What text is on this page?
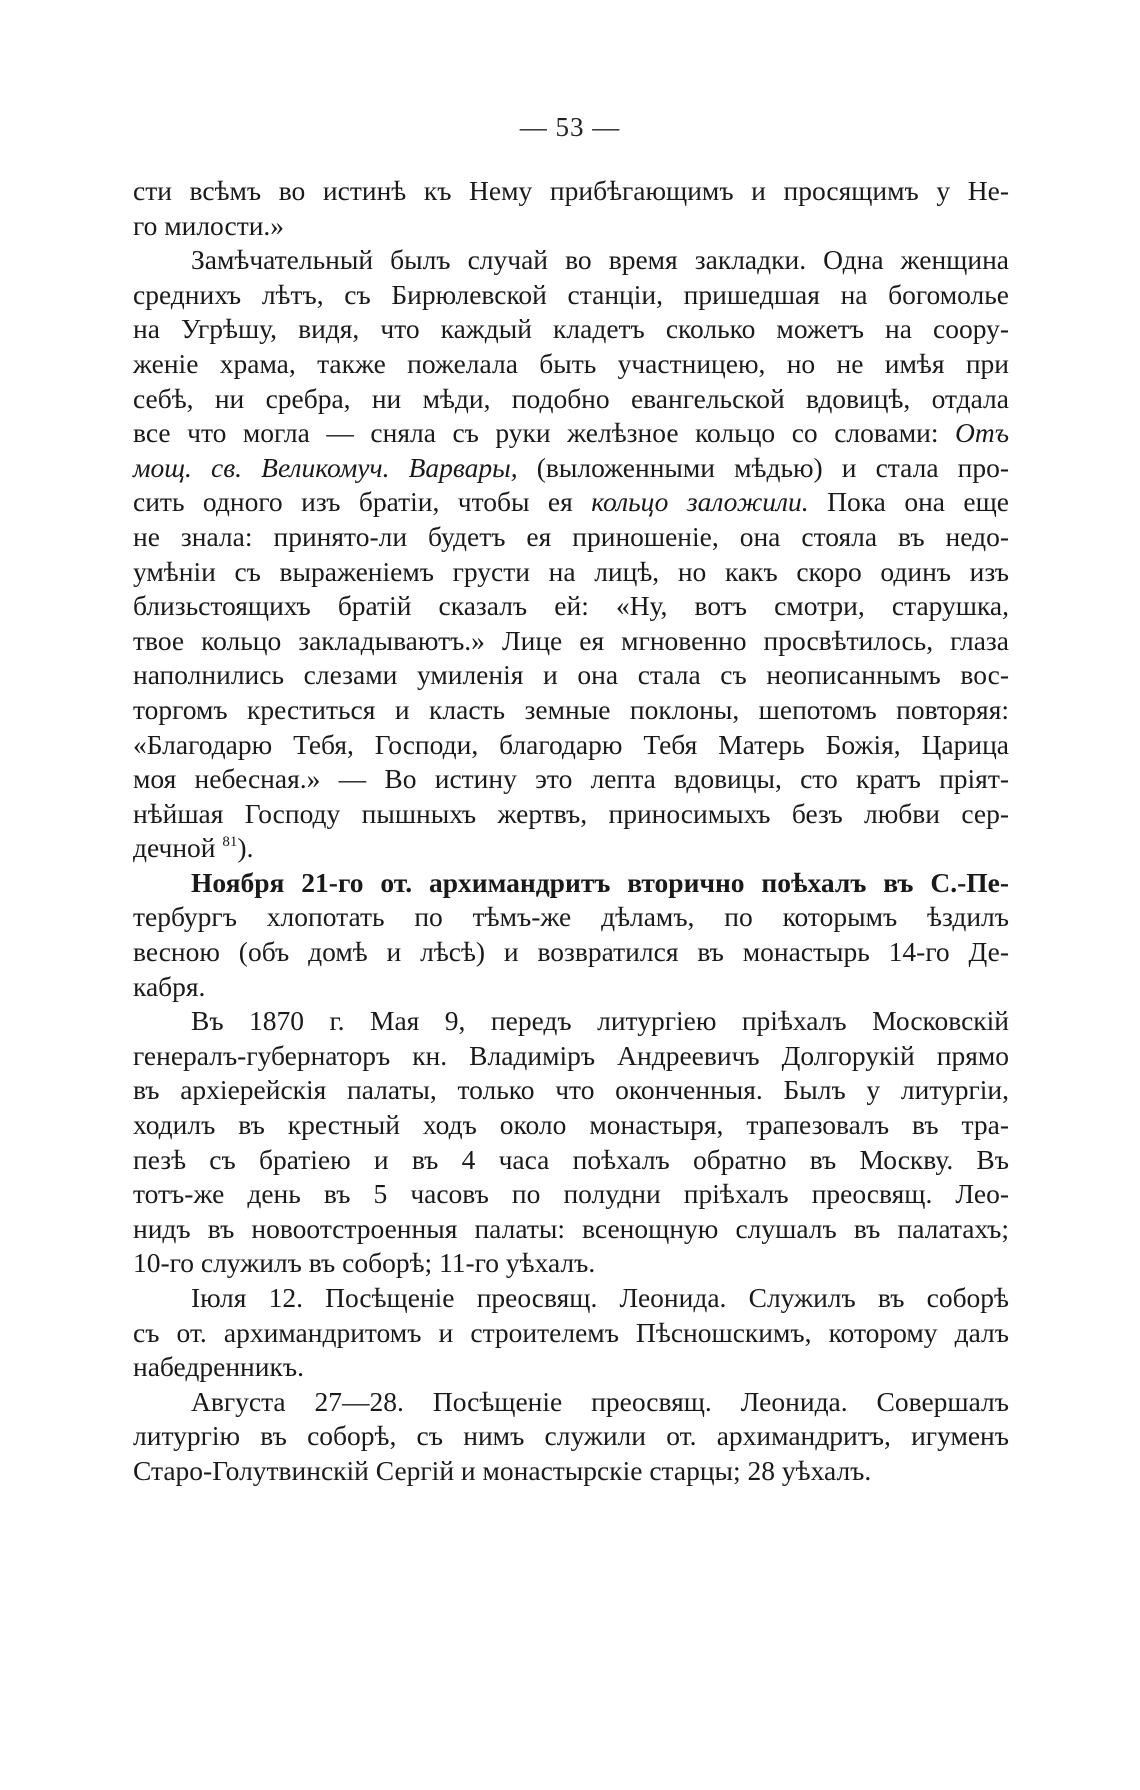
— 53 —
сти всѣмъ во истинѣ къ Нему прибѣгающимъ и просящимъ у Не-
го милости.»
Замѣчательный былъ случай во время закладки. Одна женщина
среднихъ лѣтъ, съ Бирюлевской станціи, пришедшая на богомолье
на Угрѣшу, видя, что каждый кладетъ сколько можетъ на соору-
женіе храма, также пожелала быть участницею, но не имѣя при
себѣ, ни сребра, ни мѣди, подобно евангельской вдовицѣ, отдала
все что могла — сняла съ руки желѣзное кольцо со словами: Отъ
мощ. св. Великомуч. Варвары, (выложенными мѣдью) и стала про-
сить одного изъ братіи, чтобы ея кольцо заложили. Пока она еще
не знала: принято-ли будетъ ея приношеніе, она стояла въ недо-
умѣніи съ выраженіемъ грусти на лицѣ, но какъ скоро одинъ изъ
близьстоящихъ братій сказалъ ей: «Ну, вотъ смотри, старушка,
твое кольцо закладываютъ.» Лице ея мгновенно просвѣтилось, глаза
наполнились слезами умиленія и она стала съ неописаннымъ вос-
торгомъ креститься и класть земные поклоны, шепотомъ повторяя:
«Благодарю Тебя, Господи, благодарю Тебя Матерь Божія, Царица
моя небесная.» — Во истину это лепта вдовицы, сто кратъ пріят-
нѣйшая Господу пышныхъ жертвъ, приносимыхъ безъ любви сер-
дечной $^{81}$).
Ноября 21-го от. архимандритъ вторично поѣхалъ въ С.-Пе-
тербургъ хлопотать по тѣмъ-же дѣламъ, по которымъ ѣздилъ
весною (объ домѣ и лѣсѣ) и возвратился въ монастырь 14-го Де-
кабря.
Въ 1870 г. Мая 9, передъ литургіею пріѣхалъ Московскій
генералъ-губернаторъ кн. Владиміръ Андреевичъ Долгорукій прямо
въ архіерейскія палаты, только что оконченныя. Былъ у литургіи,
ходилъ въ крестный ходъ около монастыря, трапезовалъ въ тра-
пезѣ съ братіею и въ 4 часа поѣхалъ обратно въ Москву. Въ
тотъ-же день въ 5 часовъ по полудни пріѣхалъ преосвящ. Лео-
нидъ въ новоотстроенныя палаты: всенощную слушалъ въ палатахъ;
10-го служилъ въ соборѣ; 11-го уѣхалъ.
Іюля 12. Посѣщеніе преосвящ. Леонида. Служилъ въ соборѣ
съ от. архимандритомъ и строителемъ Пѣсношскимъ, которому далъ
набедренникъ.
Августа 27—28. Посѣщеніе преосвящ. Леонида. Совершалъ
литургію въ соборѣ, съ нимъ служили от. архимандритъ, игуменъ
Старо-Голутвинскій Сергій и монастырскіе старцы; 28 уѣхалъ.
